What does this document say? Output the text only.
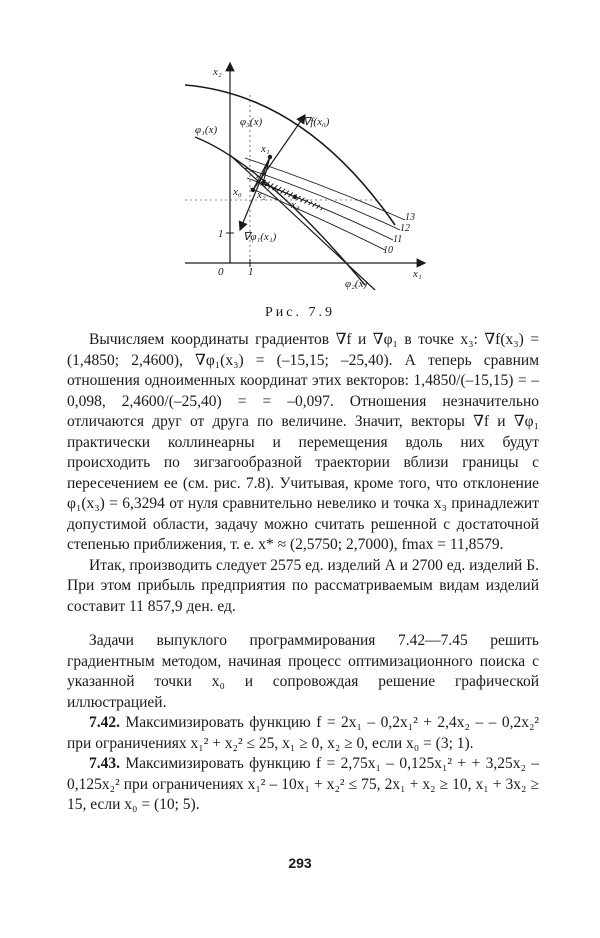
x₂
x₁
0 1
1
∇f(x₀)
∇φ₁(x₁)
φ₁(x)
φ₂(x)
φ₃(x)
x₀
x₁
x₂
x₃
13
12
11
10
Рис. 7.9

Вычисляем координаты градиентов ∇f и ∇φ₁ в точке x₃: ∇f(x₃) = (1,4850; 2,4600), ∇φ₁(x₃) = (–15,15; –25,40). А теперь сравним отношения одноименных координат этих векторов: 1,4850/(–15,15) = –0,098, 2,4600/(–25,40) = = –0,097. Отношения незначительно отличаются друг от друга по величине. Значит, векторы ∇f и ∇φ₁ практически коллинеарны и перемещения вдоль них будут происходить по зигзагообразной траектории вблизи границы с пересечением ее (см. рис. 7.8). Учитывая, кроме того, что отклонение φ₁(x₃) = 6,3294 от нуля сравнительно невелико и точка x₃ принадлежит допустимой области, задачу можно считать решенной с достаточной степенью приближения, т. е. x* ≈ (2,5750; 2,7000), fmax = 11,8579.

Итак, производить следует 2575 ед. изделий А и 2700 ед. изделий Б. При этом прибыль предприятия по рассматриваемым видам изделий составит 11 857,9 ден. ед.

Задачи выпуклого программирования 7.42—7.45 решить градиентным методом, начиная процесс оптимизационного поиска с указанной точки x₀ и сопровождая решение графической иллюстрацией.

7.42. Максимизировать функцию f = 2x₁ – 0,2x₁² + 2,4x₂ – – 0,2x₂² при ограничениях x₁² + x₂² ≤ 25, x₁ ≥ 0, x₂ ≥ 0, если x₀ = (3; 1).

7.43. Максимизировать функцию f = 2,75x₁ – 0,125x₁² + + 3,25x₂ – 0,125x₂² при ограничениях x₁² – 10x₁ + x₂² ≤ 75, 2x₁ + x₂ ≥ 10, x₁ + 3x₂ ≥ 15, если x₀ = (10; 5).

293
